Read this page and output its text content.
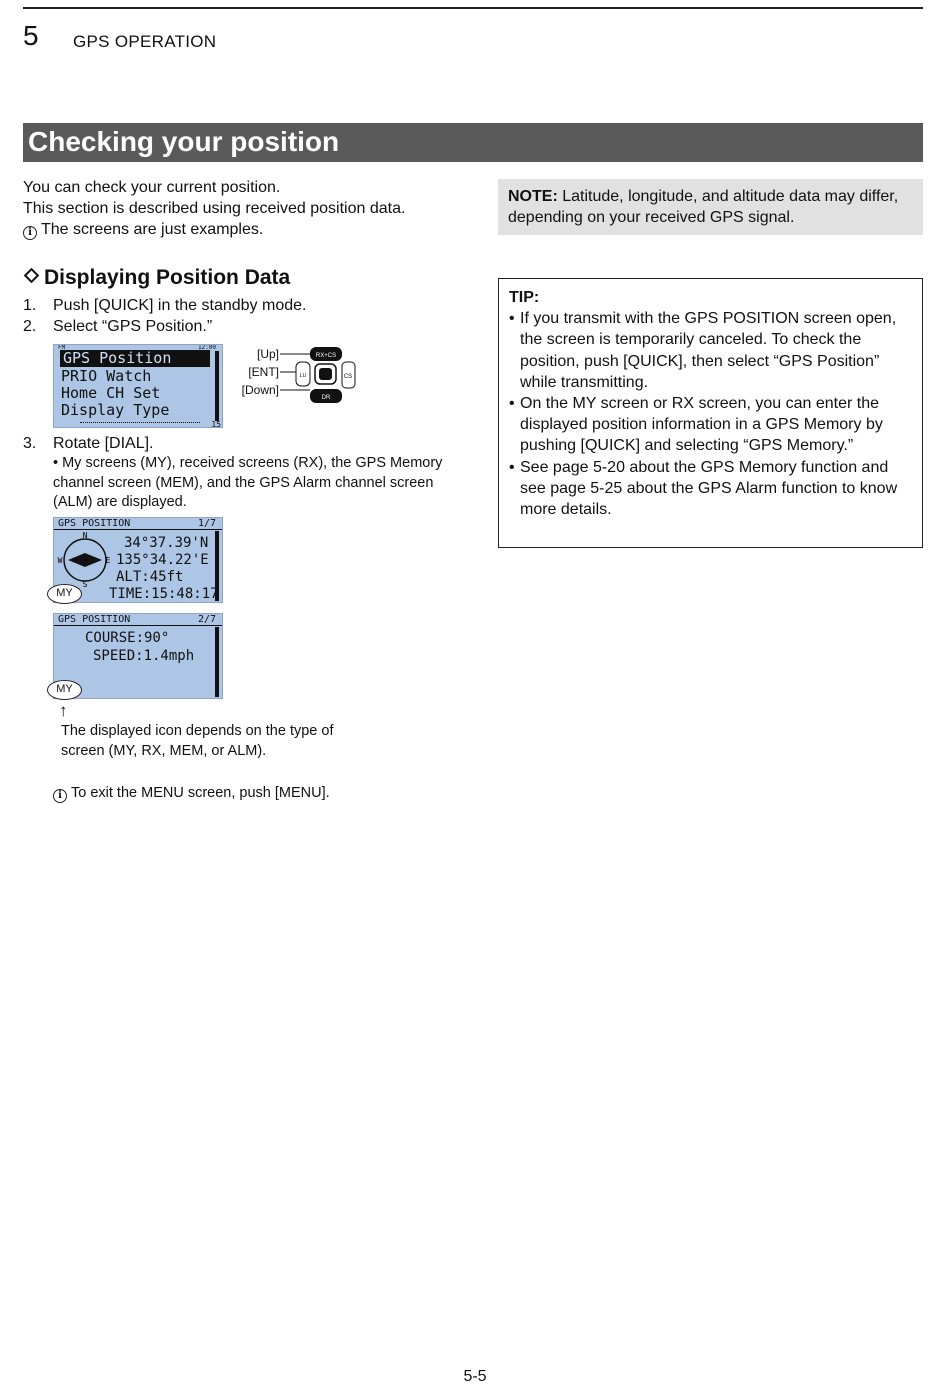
5 GPS OPERATION
Checking your position
You can check your current position.
This section is described using received position data.
i The screens are just examples.
NOTE: Latitude, longitude, and altitude data may differ, depending on your received GPS signal.
Displaying Position Data
1. Push [QUICK] in the standby mode.
2. Select “GPS Position.”
FM	12:00
GPS Position
PRIO Watch
Home CH Set
Display Type
15
[Up]
[ENT]
[Down]
RX+CS
LU	CS
DR
3. Rotate [DIAL].
• My screens (MY), received screens (RX), the GPS Memory channel screen (MEM), and the GPS Alarm channel screen (ALM) are displayed.
GPS POSITION	1/7
N
E
S
W
34°37.39'N
135°34.22'E
ALT:45ft
TIME:15:48:17
MY
GPS POSITION	2/7
COURSE:90°
SPEED:1.4mph
MY
↑
The displayed icon depends on the type of screen (MY, RX, MEM, or ALM).
i To exit the MENU screen, push [MENU].
TIP:
• If you transmit with the GPS POSITION screen open, the screen is temporarily canceled. To check the position, push [QUICK], then select “GPS Position” while transmitting.
• On the MY screen or RX screen, you can enter the displayed position information in a GPS Memory by pushing [QUICK] and selecting “GPS Memory.”
• See page 5-20 about the GPS Memory function and see page 5-25 about the GPS Alarm function to know more details.
5-5
